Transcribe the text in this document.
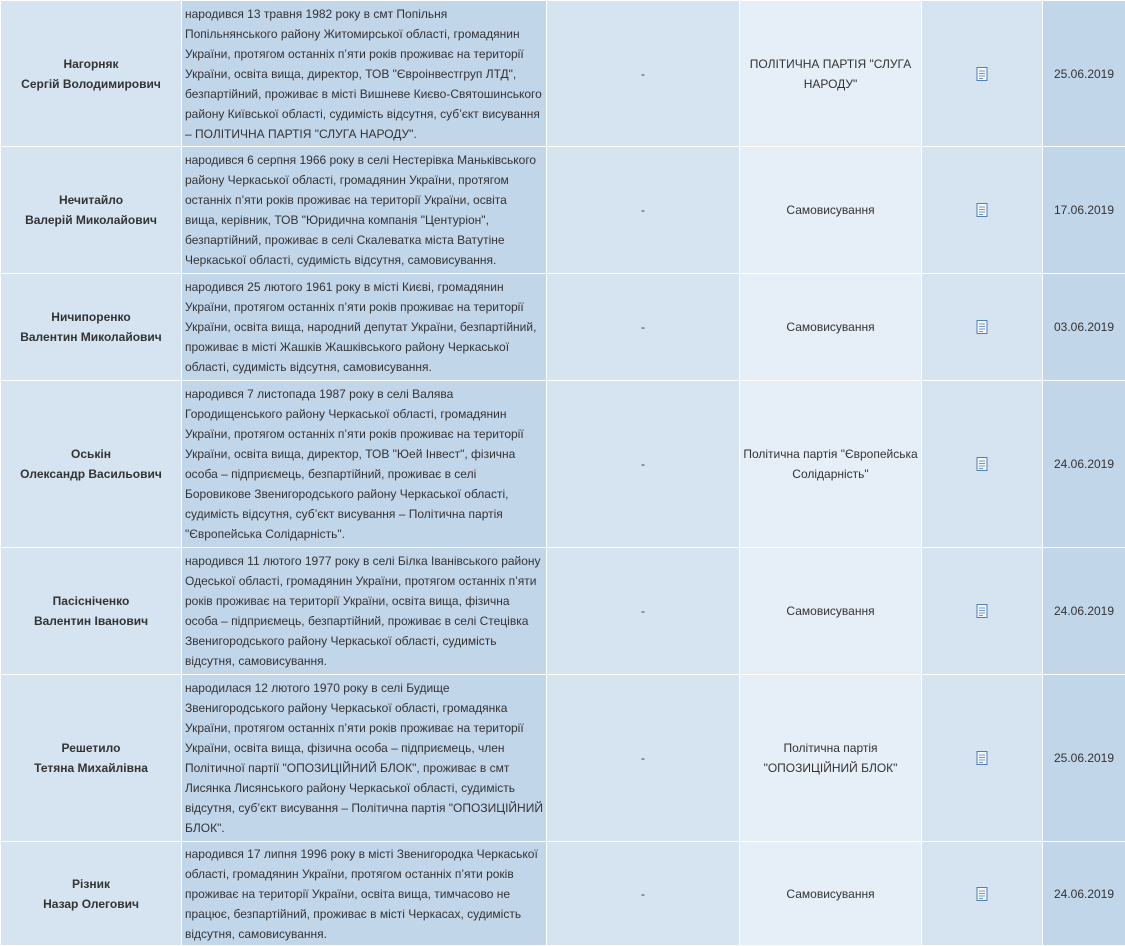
Нагорняк
Сергій Володимирович	народився 13 травня 1982 року в смт Попільня Попільнянського району Житомирської області, громадянин України, протягом останніх п’яти років проживає на території України, освіта вища, директор, ТОВ "Євроінвестгруп ЛТД", безпартійний, проживає в місті Вишневе Києво-Святошинського району Київської області, судимість відсутня, суб’єкт висування – ПОЛІТИЧНА ПАРТІЯ "СЛУГА НАРОДУ".	-	ПОЛІТИЧНА ПАРТІЯ "СЛУГА НАРОДУ"		25.06.2019

Нечитайло
Валерій Миколайович	народився 6 серпня 1966 року в селі Нестерівка Маньківського району Черкаської області, громадянин України, протягом останніх п’яти років проживає на території України, освіта вища, керівник, ТОВ "Юридична компанія "Центуріон", безпартійний, проживає в селі Скалеватка міста Ватутіне Черкаської області, судимість відсутня, самовисування.	-	Самовисування		17.06.2019

Ничипоренко
Валентин Миколайович	народився 25 лютого 1961 року в місті Києві, громадянин України, протягом останніх п’яти років проживає на території України, освіта вища, народний депутат України, безпартійний, проживає в місті Жашків Жашківського району Черкаської області, судимість відсутня, самовисування.	-	Самовисування		03.06.2019

Оськін
Олександр Васильович	народився 7 листопада 1987 року в селі Валява Городищенського району Черкаської області, громадянин України, протягом останніх п’яти років проживає на території України, освіта вища, директор, ТОВ "Юей Інвест", фізична особа – підприємець, безпартійний, проживає в селі Боровикове Звенигородського району Черкаської області, судимість відсутня, суб’єкт висування – Політична партія "Європейська Солідарність".	-	Політична партія "Європейська Солідарність"		24.06.2019

Пасісніченко
Валентин Іванович	народився 11 лютого 1977 року в селі Білка Іванівського району Одеської області, громадянин України, протягом останніх п’яти років проживає на території України, освіта вища, фізична особа – підприємець, безпартійний, проживає в селі Стецівка Звенигородського району Черкаської області, судимість відсутня, самовисування.	-	Самовисування		24.06.2019

Решетило
Тетяна Михайлівна	народилася 12 лютого 1970 року в селі Будище Звенигородського району Черкаської області, громадянка України, протягом останніх п’яти років проживає на території України, освіта вища, фізична особа – підприємець, член Політичної партії "ОПОЗИЦІЙНИЙ БЛОК", проживає в смт Лисянка Лисянського району Черкаської області, судимість відсутня, суб’єкт висування – Політична партія "ОПОЗИЦІЙНИЙ БЛОК".	-	Політична партія "ОПОЗИЦІЙНИЙ БЛОК"		25.06.2019

Різник
Назар Олегович	народився 17 липня 1996 року в місті Звенигородка Черкаської області, громадянин України, протягом останніх п’яти років проживає на території України, освіта вища, тимчасово не працює, безпартійний, проживає в місті Черкасах, судимість відсутня, самовисування.	-	Самовисування		24.06.2019
